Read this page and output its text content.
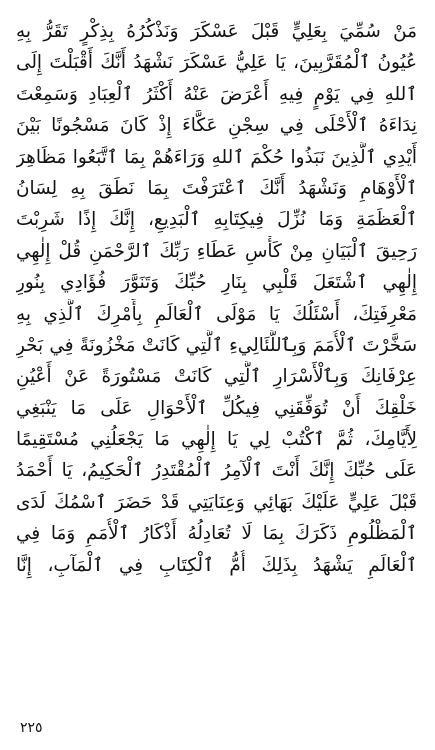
مَنْ سُمِّيَ بِعَلِيٍّ قَبْلَ عَسْكَرَ وَنَذْكُرُهُ بِذِكْرٍ تَقَرُّ بِهِ
عُيُونُ ٱلْمُقَرَّبِينَ، يَا عَلِيُّ عَسْكَرَ نَشْهَدُ أَنَّكَ أَقْبَلْتَ إِلَى
ٱللهِ فِي يَوْمٍ فِيهِ أَعْرَضَ عَنْهُ أَكْثَرُ ٱلْعِبَادِ وَسَمِعْتَ
نِدَاءَهُ ٱلْأَحْلَى فِي سِجْنِ عَكَّاءَ إِذْ كَانَ مَسْجُونًا بَيْنَ
أَيْدِي ٱلَّذِينَ نَبَذُوا حُكْمَ ٱللهِ وَرَاءَهُمْ بِمَا ٱتَّبَعُوا مَظَاهِرَ
ٱلْأَوْهَامِ وَنَشْهَدُ أَنَّكَ ٱعْتَرَفْتَ بِمَا نَطَقَ بِهِ لِسَانُ
ٱلْعَظَمَةِ وَمَا نُزِّلَ فِيكِتَابِهِ ٱلْبَدِيعِ، إِنَّكَ إِذًا شَرِبْتَ
رَحِيقَ ٱلْبَيَانِ مِنْ كَأْسِ عَطَاءِ رَبِّكَ ٱلرَّحْمَنِ قُلْ إِلٰهِي
إِلٰهِي ٱشْتَعَلَ قَلْبِي بِنَارِ حُبِّكَ وَتَنَوَّرَ فُؤَادِي بِنُورِ
مَعْرِفَتِكَ، أَسْئَلُكَ يَا مَوْلَى ٱلْعَالَمِ بِأَمْرِكَ ٱلَّذِي بِهِ
سَخَّرْتَ ٱلْأُمَمَ وَبِٱللَّئَالِيءِ ٱلَّتِي كَانَتْ مَخْزُونَةً فِي بَحْرِ
عِرْفَانِكَ وَبِٱلْأَسْرَارِ ٱلَّتِي كَانَتْ مَسْتُورَةً عَنْ أَعْيُنِ
خَلْقِكَ أَنْ تُوَفِّقَنِي فِيكُلِّ ٱلْأَحْوَالِ عَلَى مَا يَنْبَغِي
لِأَيَّامِكَ، ثُمَّ ٱكْتُبْ لِي يَا إِلٰهِي مَا يَجْعَلُنِي مُسْتَقِيمًا
عَلَى حُبِّكَ إِنَّكَ أَنْتَ ٱلْآمِرُ ٱلْمُقْتَدِرُ ٱلْحَكِيمُ، يَا أَحْمَدُ
قَبْلَ عَلِيٍّ عَلَيْكَ بَهَائِي وَعِنَايَتِي قَدْ حَضَرَ ٱسْمُكَ لَدَى
ٱلْمَظْلُومِ ذَكَرَكَ بِمَا لَا تُعَادِلُهُ أَذْكَارُ ٱلْأُمَمِ وَمَا فِي
ٱلْعَالَمِ يَشْهَدُ بِذَلِكَ أُمُّ ٱلْكِتَابِ فِي ٱلْمَآبِ، إِنَّا
٢٢٥
